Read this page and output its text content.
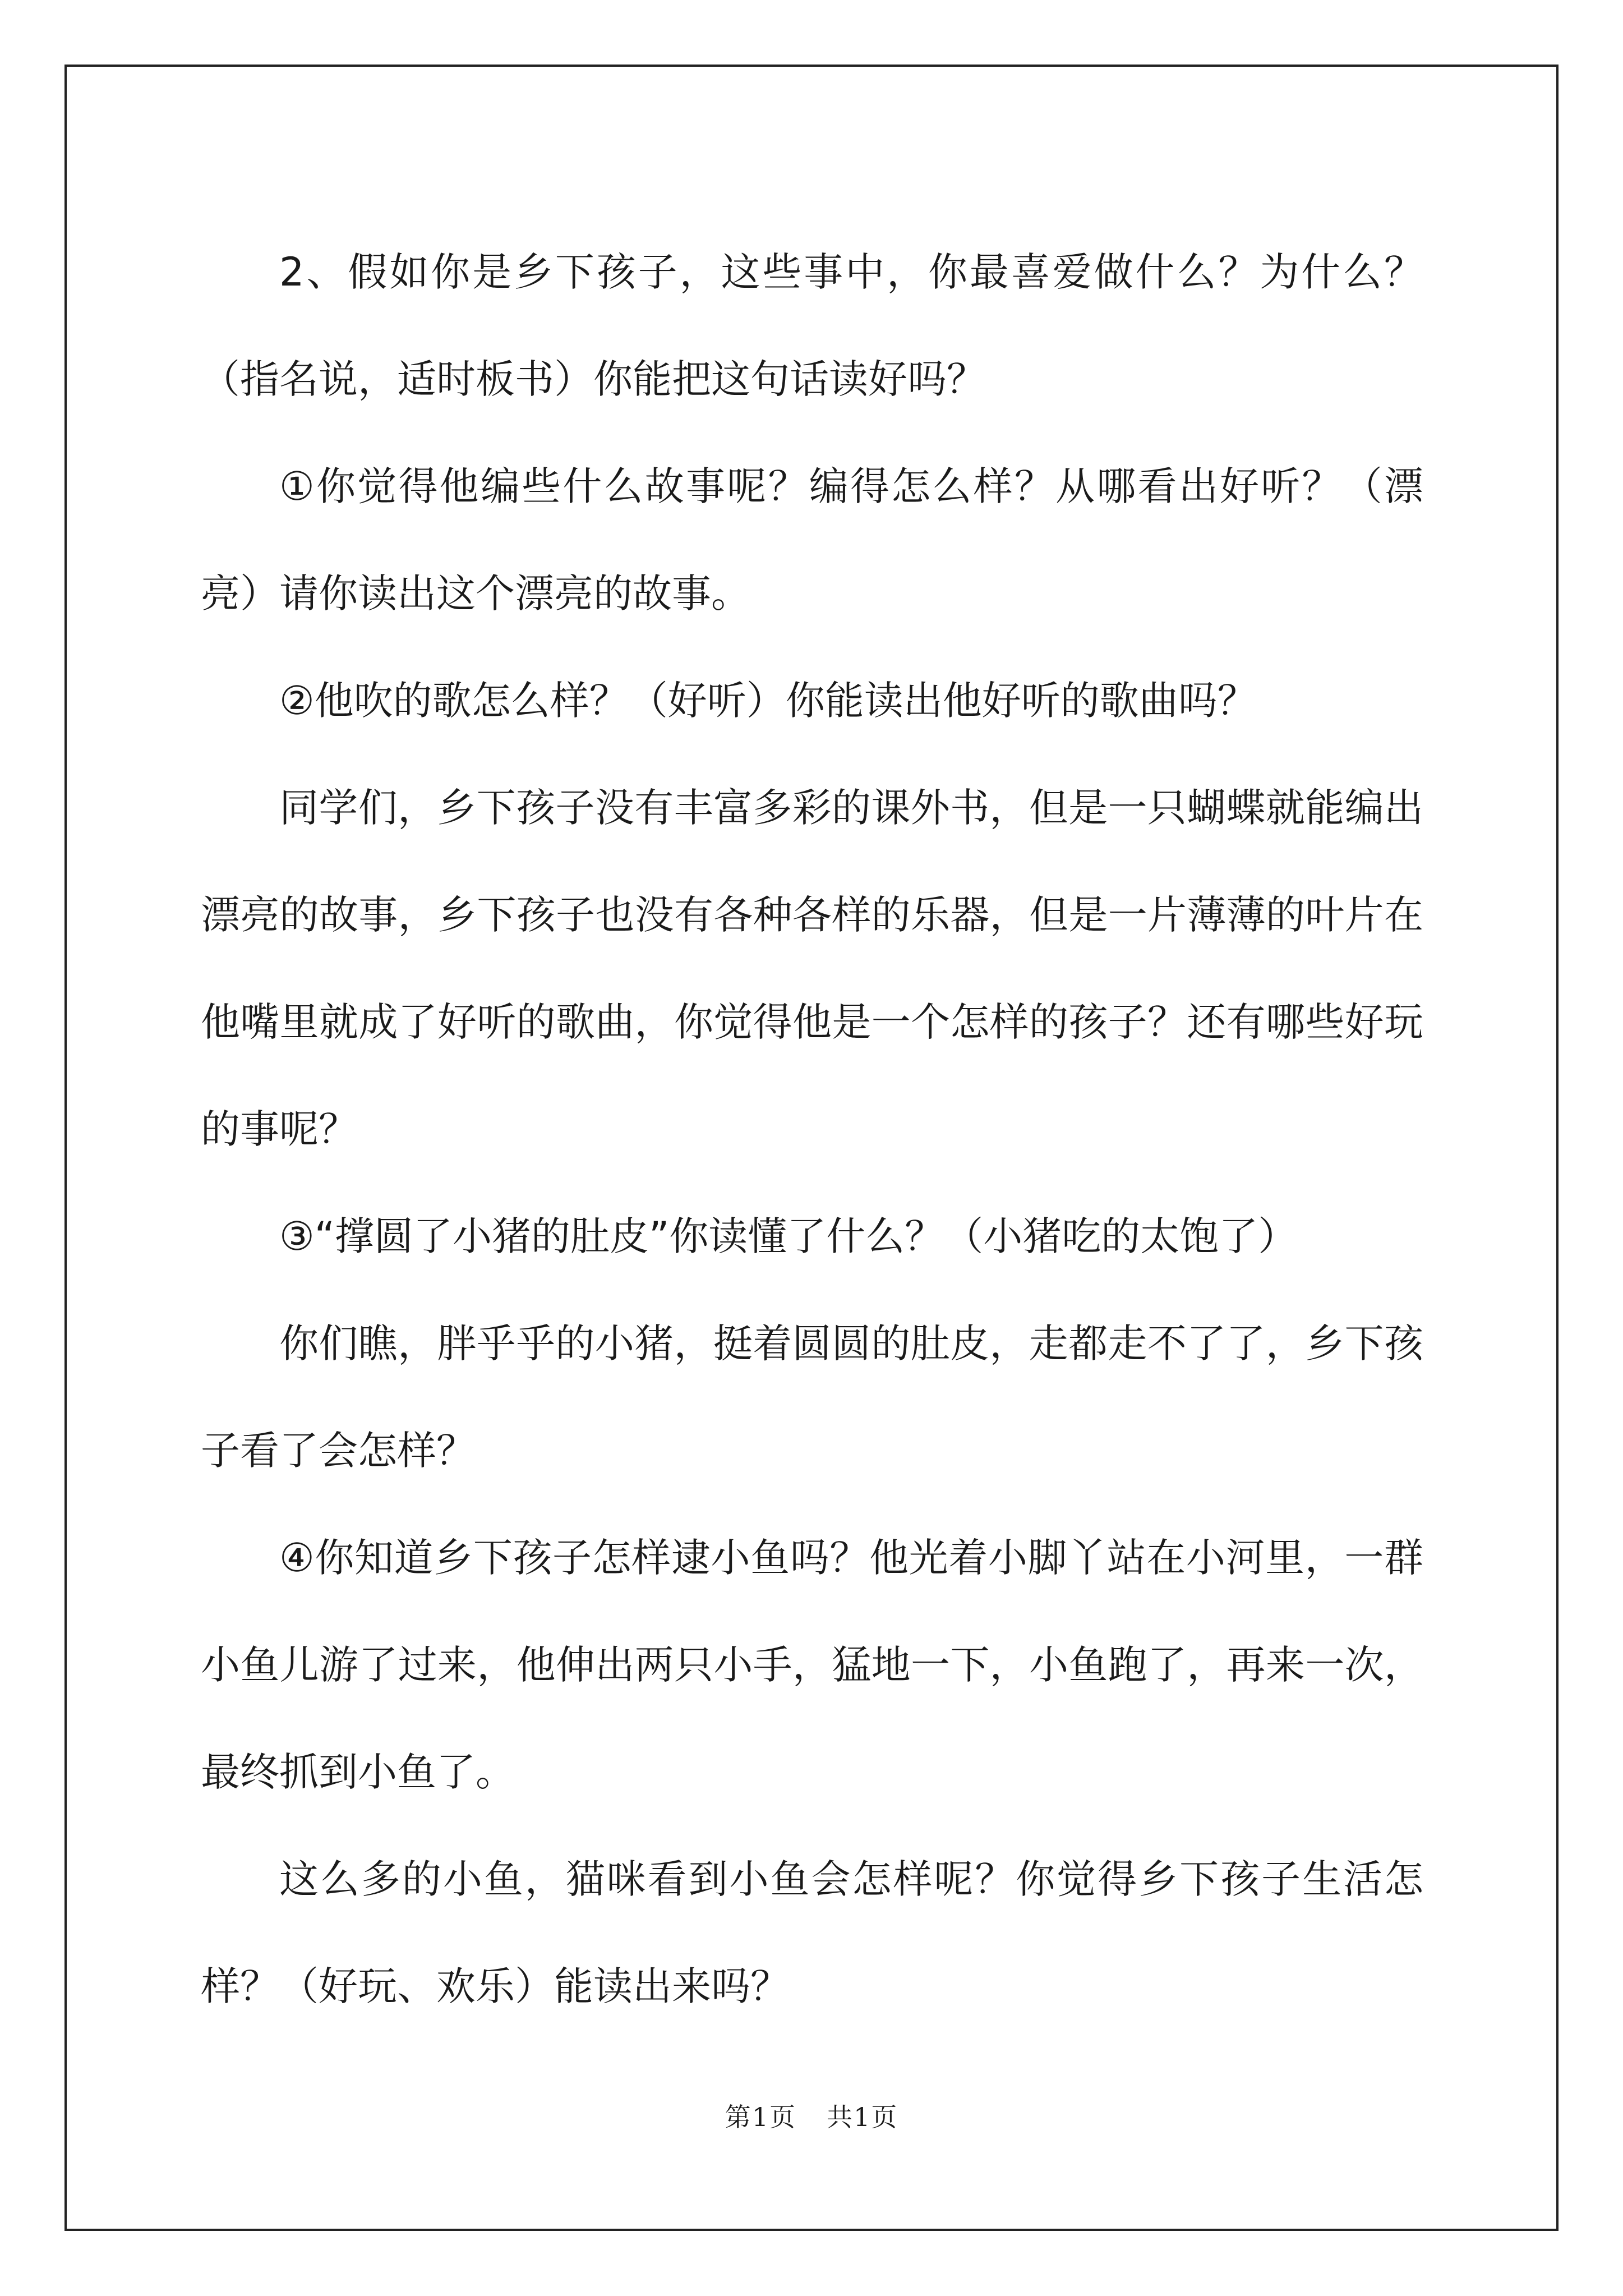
2、假如你是乡下孩子，这些事中，你最喜爱做什么？为什么？（指名说，适时板书）你能把这句话读好吗？

①你觉得他编些什么故事呢？编得怎么样？从哪看出好听？（漂亮）请你读出这个漂亮的故事。

②他吹的歌怎么样？（好听）你能读出他好听的歌曲吗？

同学们，乡下孩子没有丰富多彩的课外书，但是一只蝴蝶就能编出漂亮的故事，乡下孩子也没有各种各样的乐器，但是一片薄薄的叶片在他嘴里就成了好听的歌曲，你觉得他是一个怎样的孩子？还有哪些好玩的事呢？

③“撑圆了小猪的肚皮”你读懂了什么？（小猪吃的太饱了）

你们瞧，胖乎乎的小猪，挺着圆圆的肚皮，走都走不了了，乡下孩子看了会怎样？

④你知道乡下孩子怎样逮小鱼吗？他光着小脚丫站在小河里，一群小鱼儿游了过来，他伸出两只小手，猛地一下，小鱼跑了，再来一次，最终抓到小鱼了。

这么多的小鱼，猫咪看到小鱼会怎样呢？你觉得乡下孩子生活怎样？（好玩、欢乐）能读出来吗？

第1页 共1页
